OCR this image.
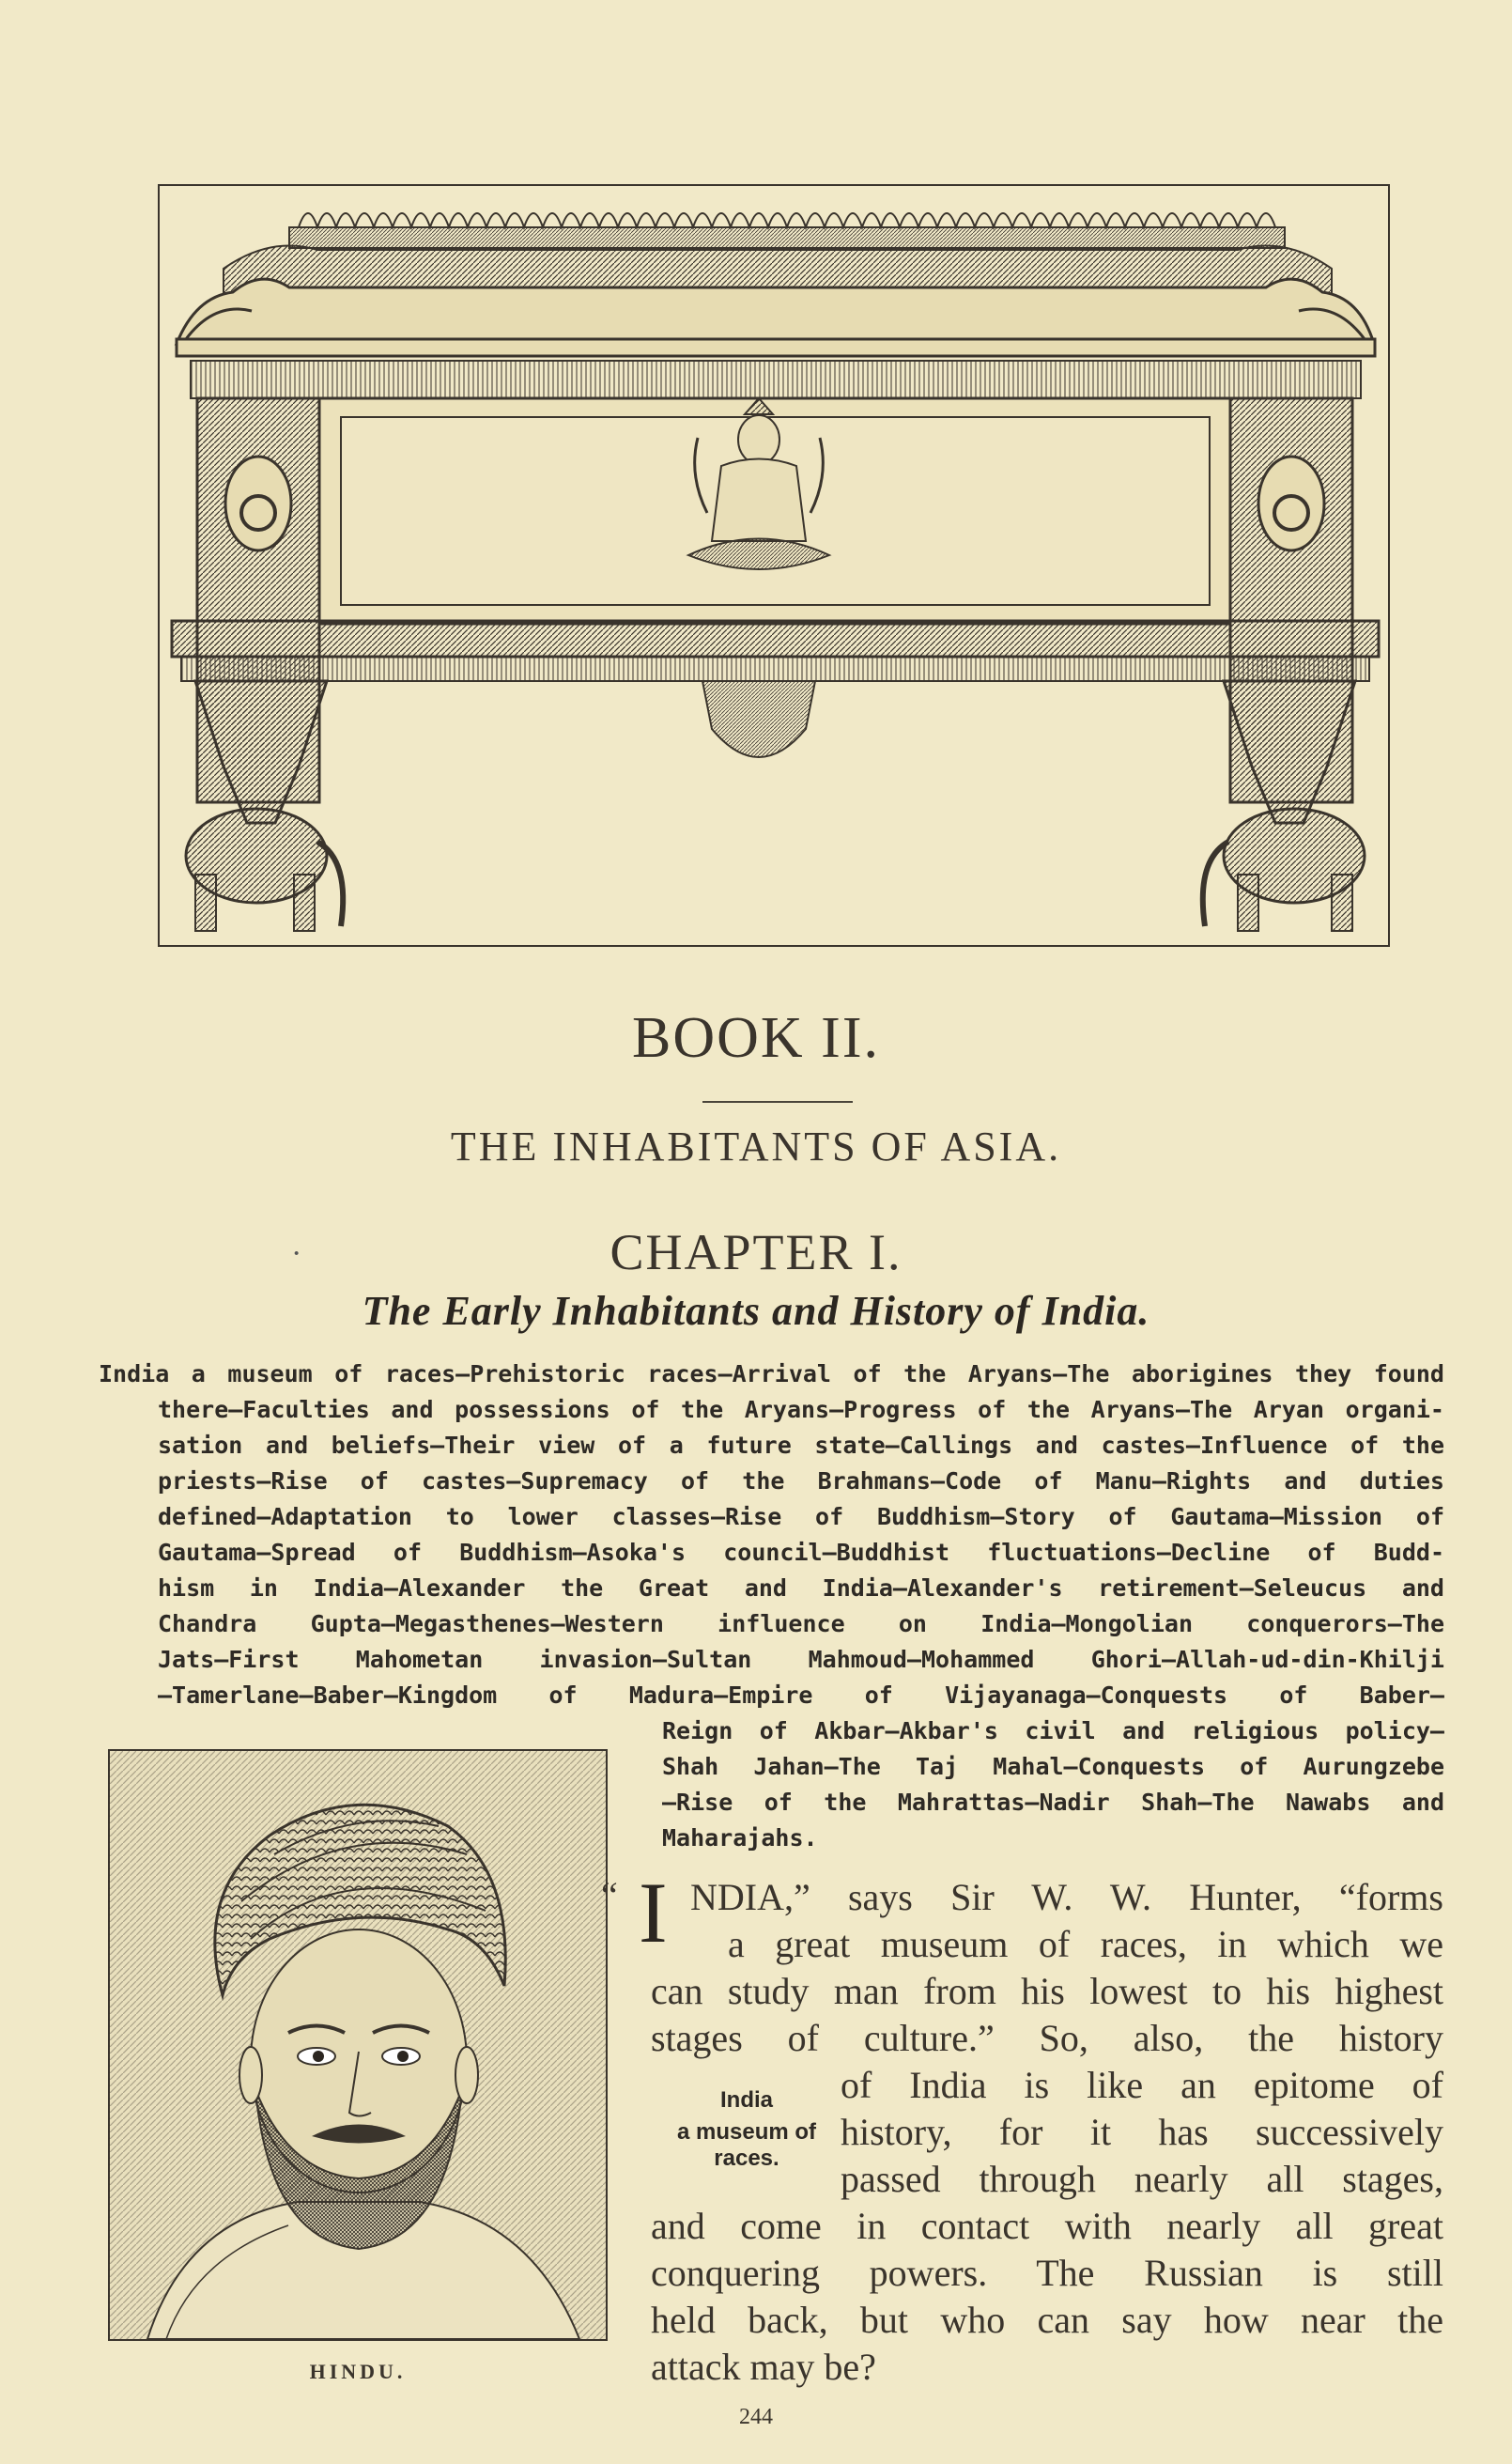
BOOK II.
THE INHABITANTS OF ASIA.
·	CHAPTER I.
The Early Inhabitants and History of India.
India a museum of races—Prehistoric races—Arrival of the Aryans—The aborigines they found
there—Faculties and possessions of the Aryans—Progress of the Aryans—The Aryan organi-
sation and beliefs—Their view of a future state—Callings and castes—Influence of the
priests—Rise of castes—Supremacy of the Brahmans—Code of Manu—Rights and duties
defined—Adaptation to lower classes—Rise of Buddhism—Story of Gautama—Mission of
Gautama—Spread of Buddhism—Asoka's council—Buddhist fluctuations—Decline of Budd-
hism in India—Alexander the Great and India—Alexander's retirement—Seleucus and
Chandra Gupta—Megasthenes—Western influence on India—Mongolian conquerors—The
Jats—First Mahometan invasion—Sultan Mahmoud—Mohammed Ghori—Allah-ud-din-Khilji
—Tamerlane—Baber—Kingdom of Madura—Empire of Vijayanaga—Conquests of Baber—
Reign of Akbar—Akbar's civil and religious policy—
Shah Jahan—The Taj Mahal—Conquests of Aurungzebe
—Rise of the Mahrattas—Nadir Shah—The Nawabs and
Maharajahs.
HINDU.
“ I NDIA,” says Sir W. W. Hunter, “forms
a great museum of races, in which we
can study man from his lowest to his highest
stages of culture.” So, also, the history
of India is like an epitome of
history, for it has successively
passed through nearly all stages,
and come in contact with nearly all great
conquering powers. The Russian is still
held back, but who can say how near the
attack may be?
India
a museum of
races.
244
